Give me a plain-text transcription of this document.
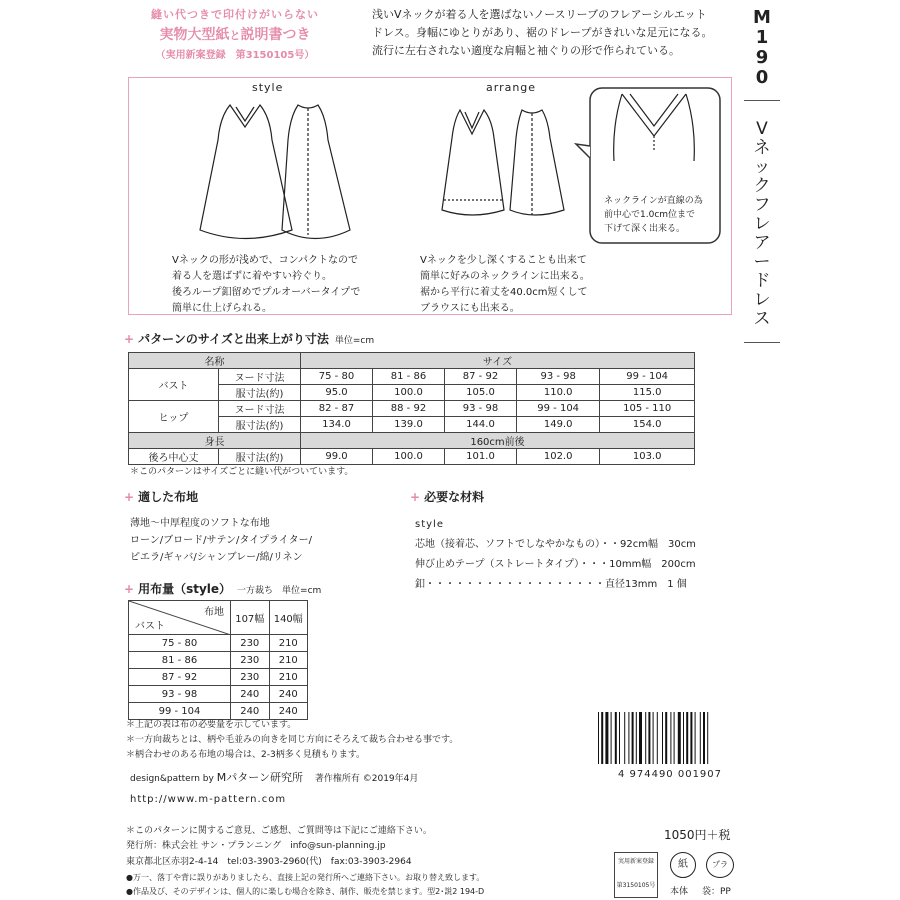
縫い代つきで印付けがいらない
実物大型紙と説明書つき
（実用新案登録　第3150105号）
浅いVネックが着る人を選ばないノースリーブのフレアーシルエット
ドレス。身幅にゆとりがあり、裾のドレープがきれいな足元になる。
流行に左右されない適度な肩幅と袖ぐりの形で作られている。
M
1
9
0
V
ネ
ッ
ク
フ
レ
ア
ー
ド
レ
ス
style	arrange
ネックラインが直線の為
前中心で1.0cm位まで
下げて深く出来る。
Vネックの形が浅めで、コンパクトなので
着る人を選ばずに着やすい衿ぐり。
後ろループ釦留めでプルオーバータイプで
簡単に仕上げられる。
Vネックを少し深くすることも出来て
簡単に好みのネックラインに出来る。
裾から平行に着丈を40.0cm短くして
ブラウスにも出来る。
+ パターンのサイズと出来上がり寸法 単位=cm
名称		サイズ				
バスト	ヌード寸法	75 - 80	81 - 86	87 - 92	93 - 98	99 - 104
	服寸法(約)	95.0	100.0	105.0	110.0	115.0
ヒップ	ヌード寸法	82 - 87	88 - 92	93 - 98	99 - 104	105 - 110
	服寸法(約)	134.0	139.0	144.0	149.0	154.0
身長		160cm前後				
後ろ中心丈	服寸法(約)	99.0	100.0	101.0	102.0	103.0
＊このパターンはサイズごとに縫い代がついています。
+ 適した布地
薄地～中厚程度のソフトな布地
ローン/ブロード/サテン/タイプライター/
ピエラ/ギャバ/シャンブレー/綿/リネン
+ 必要な材料
style
芯地（接着芯、ソフトでしなやかなもの）・・92cm幅　30cm
伸び止めテープ（ストレートタイプ）・・・10mm幅　200cm
釦・・・・・・・・・・・・・・・・・・直径13mm　1 個
+ 用布量（style） 一方裁ち　単位=cm
布地
バスト	107幅	140幅
75 - 80	230	210
81 - 86	230	210
87 - 92	230	210
93 - 98	240	240
99 - 104	240	240
＊上記の表は布の必要量を示しています。
＊一方向裁ちとは、柄や毛並みの向きを同じ方向にそろえて裁ち合わせる事です。
＊柄合わせのある布地の場合は、2-3柄多く見積もります。
4 974490 001907
design&pattern by Mパターン研究所　 著作権所有 ©2019年4月
http://www.m-pattern.com
＊このパターンに関するご意見、ご感想、ご質問等は下記にご連絡下さい。
発行所：株式会社 サン・プランニング　info@sun-planning.jp
東京都北区赤羽2-4-14　tel:03-3903-2960(代)　fax:03-3903-2964
●万一、落丁や背に誤りがありましたら、直接上記の発行所へご連絡下さい。お取り替え致します。
●作品及び、そのデザインは、個人的に楽しむ場合を除き、制作、販売を禁じます。型2･説2 194-D
1050円＋税
実用新案登録
第3150105号
紙	プラ
本体 袋：PP
